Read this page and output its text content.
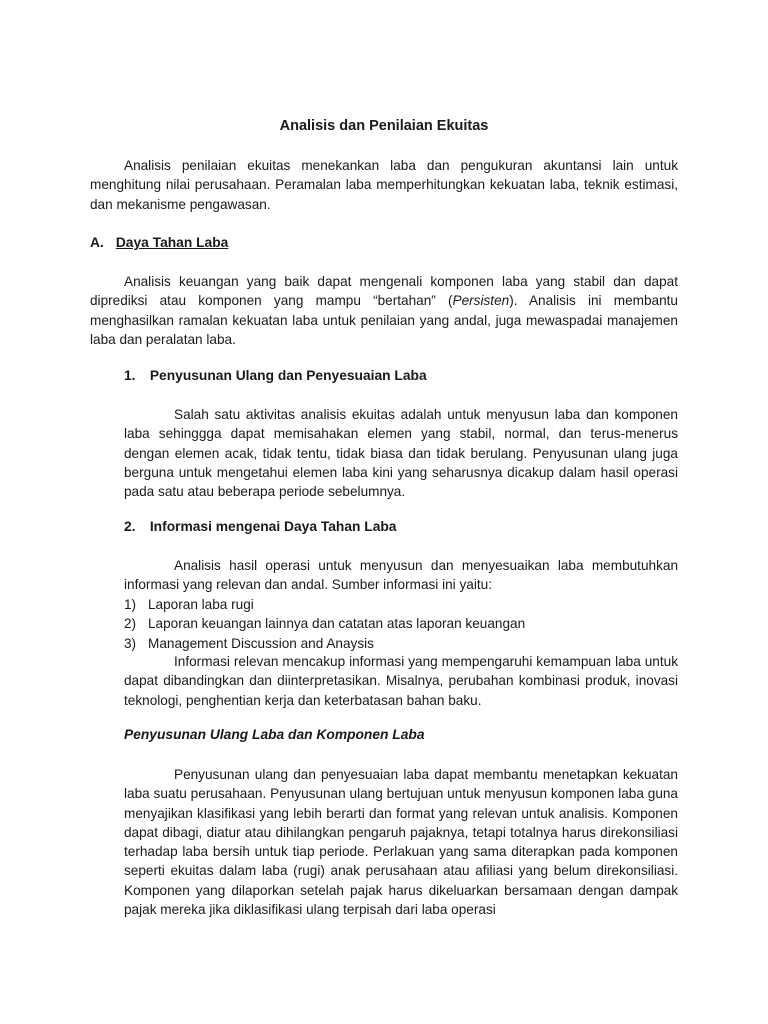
Analisis dan Penilaian Ekuitas

Analisis penilaian ekuitas menekankan laba dan pengukuran akuntansi lain untuk menghitung nilai perusahaan. Peramalan laba memperhitungkan kekuatan laba, teknik estimasi, dan mekanisme pengawasan.

A. Daya Tahan Laba

Analisis keuangan yang baik dapat mengenali komponen laba yang stabil dan dapat diprediksi atau komponen yang mampu “bertahan” (Persisten). Analisis ini membantu menghasilkan ramalan kekuatan laba untuk penilaian yang andal, juga mewaspadai manajemen laba dan peralatan laba.

1. Penyusunan Ulang dan Penyesuaian Laba

Salah satu aktivitas analisis ekuitas adalah untuk menyusun laba dan komponen laba sehinggga dapat memisahakan elemen yang stabil, normal, dan terus-menerus dengan elemen acak, tidak tentu, tidak biasa dan tidak berulang. Penyusunan ulang juga berguna untuk mengetahui elemen laba kini yang seharusnya dicakup dalam hasil operasi pada satu atau beberapa periode sebelumnya.

2. Informasi mengenai Daya Tahan Laba

Analisis hasil operasi untuk menyusun dan menyesuaikan laba membutuhkan informasi yang relevan dan andal. Sumber informasi ini yaitu:

1) Laporan laba rugi
2) Laporan keuangan lainnya dan catatan atas laporan keuangan
3) Management Discussion and Anaysis

Informasi relevan mencakup informasi yang mempengaruhi kemampuan laba untuk dapat dibandingkan dan diinterpretasikan. Misalnya, perubahan kombinasi produk, inovasi teknologi, penghentian kerja dan keterbatasan bahan baku.

Penyusunan Ulang Laba dan Komponen Laba

Penyusunan ulang dan penyesuaian laba dapat membantu menetapkan kekuatan laba suatu perusahaan. Penyusunan ulang bertujuan untuk menyusun komponen laba guna menyajikan klasifikasi yang lebih berarti dan format yang relevan untuk analisis. Komponen dapat dibagi, diatur atau dihilangkan pengaruh pajaknya, tetapi totalnya harus direkonsiliasi terhadap laba bersih untuk tiap periode. Perlakuan yang sama diterapkan pada komponen seperti ekuitas dalam laba (rugi) anak perusahaan atau afiliasi yang belum direkonsiliasi. Komponen yang dilaporkan setelah pajak harus dikeluarkan bersamaan dengan dampak pajak mereka jika diklasifikasi ulang terpisah dari laba operasi
